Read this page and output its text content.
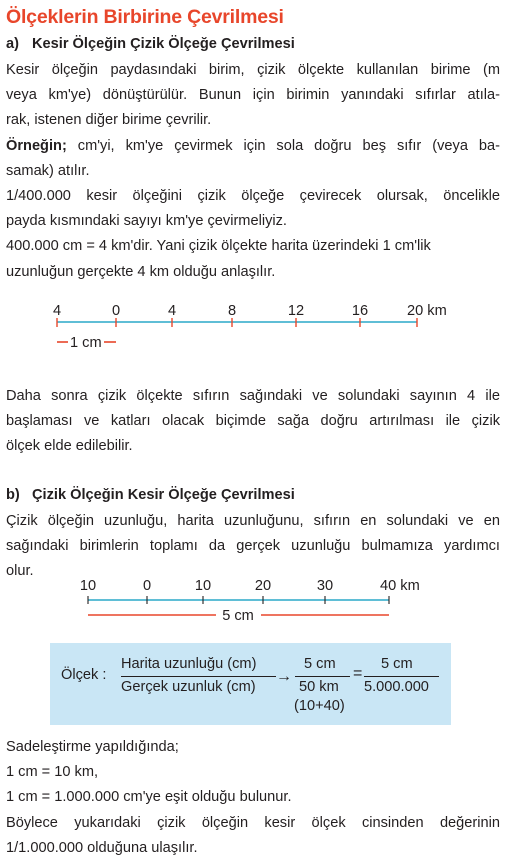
Ölçeklerin Birbirine Çevrilmesi
a) Kesir Ölçeğin Çizik Ölçeğe Çevrilmesi
Kesir ölçeğin paydasındaki birim, çizik ölçekte kullanılan birime (m
veya km'ye) dönüştürülür. Bunun için birimin yanındaki sıfırlar atıla-
rak, istenen diğer birime çevrilir.
Örneğin; cm'yi, km'ye çevirmek için sola doğru beş sıfır (veya ba-
samak) atılır.
1/400.000 kesir ölçeğini çizik ölçeğe çevirecek olursak, öncelikle
payda kısmındaki sayıyı km'ye çevirmeliyiz.
400.000 cm = 4 km'dir. Yani çizik ölçekte harita üzerindeki 1 cm'lik
uzunluğun gerçekte 4 km olduğu anlaşılır.
4	0	4	8	12	16	20 km
1 cm
Daha sonra çizik ölçekte sıfırın sağındaki ve solundaki sayının 4 ile
başlaması ve katları olacak biçimde sağa doğru artırılması ile çizik
ölçek elde edilebilir.
b) Çizik Ölçeğin Kesir Ölçeğe Çevrilmesi
Çizik ölçeğin uzunluğu, harita uzunluğunu, sıfırın en solundaki ve en
sağındaki birimlerin toplamı da gerçek uzunluğu bulmamıza yardımcı
olur.
10	0	10	20	30	40 km
5 cm
Ölçek :
Harita uzunluğu (cm)
Gerçek uzunluk (cm)
→
5 cm
50 km
(10+40)
=
5 cm
5.000.000
Sadeleştirme yapıldığında;
1 cm = 10 km,
1 cm = 1.000.000 cm'ye eşit olduğu bulunur.
Böylece yukarıdaki çizik ölçeğin kesir ölçek cinsinden değerinin
1/1.000.000 olduğuna ulaşılır.
